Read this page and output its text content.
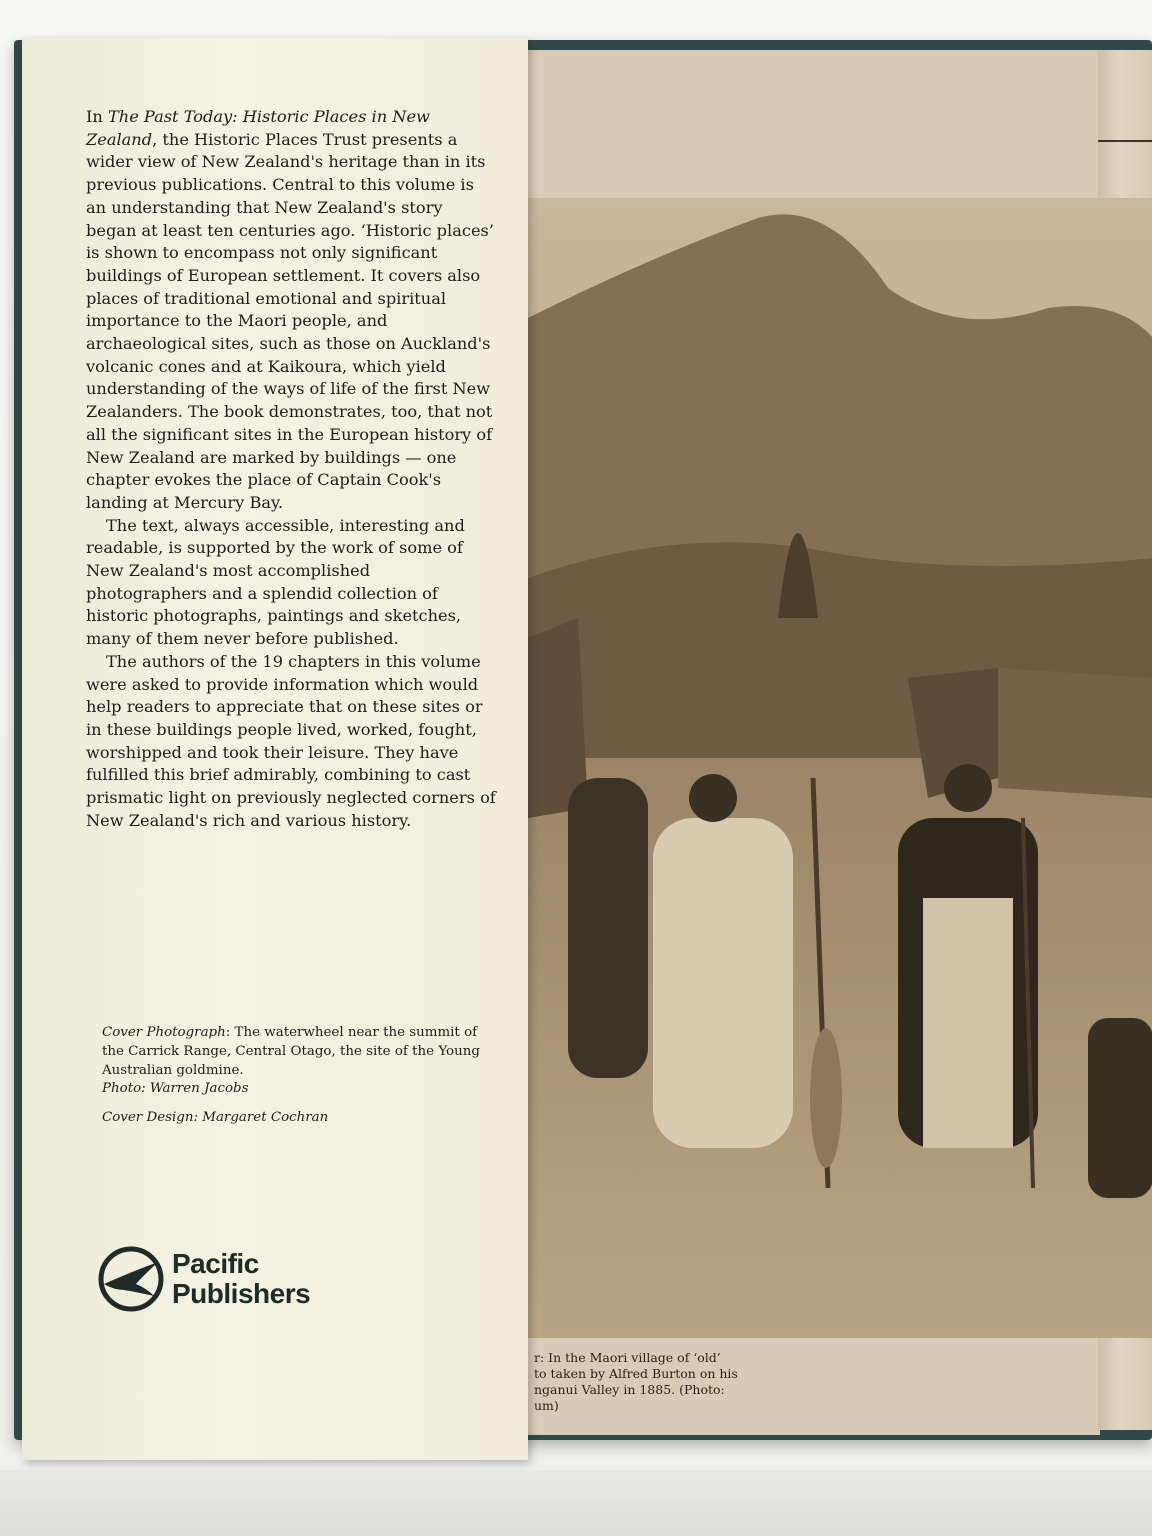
r: In the Maori village of ‘old’
to taken by Alfred Burton on his
nganui Valley in 1885. (Photo:
um)

In The Past Today: Historic Places in New Zealand, the Historic Places Trust presents a wider view of New Zealand's heritage than in its previous publications. Central to this volume is an understanding that New Zealand's story began at least ten centuries ago. ‘Historic places’ is shown to encompass not only significant buildings of European settlement. It covers also places of traditional emotional and spiritual importance to the Maori people, and archaeological sites, such as those on Auckland's volcanic cones and at Kaikoura, which yield understanding of the ways of life of the first New Zealanders. The book demonstrates, too, that not all the significant sites in the European history of New Zealand are marked by buildings — one chapter evokes the place of Captain Cook's landing at Mercury Bay.

The text, always accessible, interesting and readable, is supported by the work of some of New Zealand's most accomplished photographers and a splendid collection of historic photographs, paintings and sketches, many of them never before published.

The authors of the 19 chapters in this volume were asked to provide information which would help readers to appreciate that on these sites or in these buildings people lived, worked, fought, worshipped and took their leisure. They have fulfilled this brief admirably, combining to cast prismatic light on previously neglected corners of New Zealand's rich and various history.

Cover Photograph: The waterwheel near the summit of the Carrick Range, Central Otago, the site of the Young Australian goldmine.
Photo: Warren Jacobs

Cover Design: Margaret Cochran

Pacific
Publishers
